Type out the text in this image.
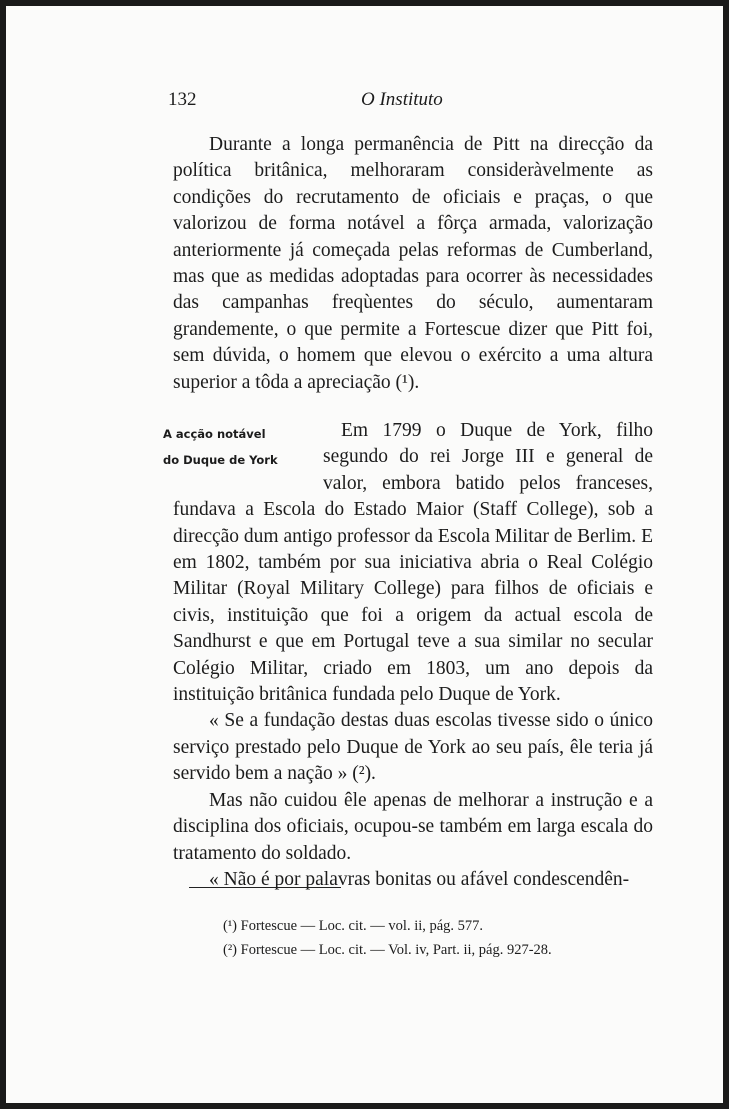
132	O Instituto

Durante a longa permanência de Pitt na direcção da política britânica, melhoraram consideràvelmente as condições do recrutamento de oficiais e praças, o que valorizou de forma notável a fôrça armada, valorização anteriormente já começada pelas reformas de Cumberland, mas que as medidas adoptadas para ocorrer às necessidades das campanhas freqùentes do século, aumentaram grandemente, o que permite a Fortescue dizer que Pitt foi, sem dúvida, o homem que elevou o exército a uma altura superior a tôda a apreciação (¹).

A acção notável
do Duque de York

Em 1799 o Duque de York, filho segundo do rei Jorge III e general de valor, embora batido pelos franceses, fundava a Escola do Estado Maior (Staff College), sob a direcção dum antigo professor da Escola Militar de Berlim. E em 1802, também por sua iniciativa abria o Real Colégio Militar (Royal Military College) para filhos de oficiais e civis, instituição que foi a origem da actual escola de Sandhurst e que em Portugal teve a sua similar no secular Colégio Militar, criado em 1803, um ano depois da instituição britânica fundada pelo Duque de York.

« Se a fundação destas duas escolas tivesse sido o único serviço prestado pelo Duque de York ao seu país, êle teria já servido bem a nação » (²).

Mas não cuidou êle apenas de melhorar a instrução e a disciplina dos oficiais, ocupou-se também em larga escala do tratamento do soldado.

« Não é por palavras bonitas ou afável condescendên-

(¹) Fortescue — Loc. cit. — vol. ii, pág. 577.
(²) Fortescue — Loc. cit. — Vol. iv, Part. ii, pág. 927-28.
